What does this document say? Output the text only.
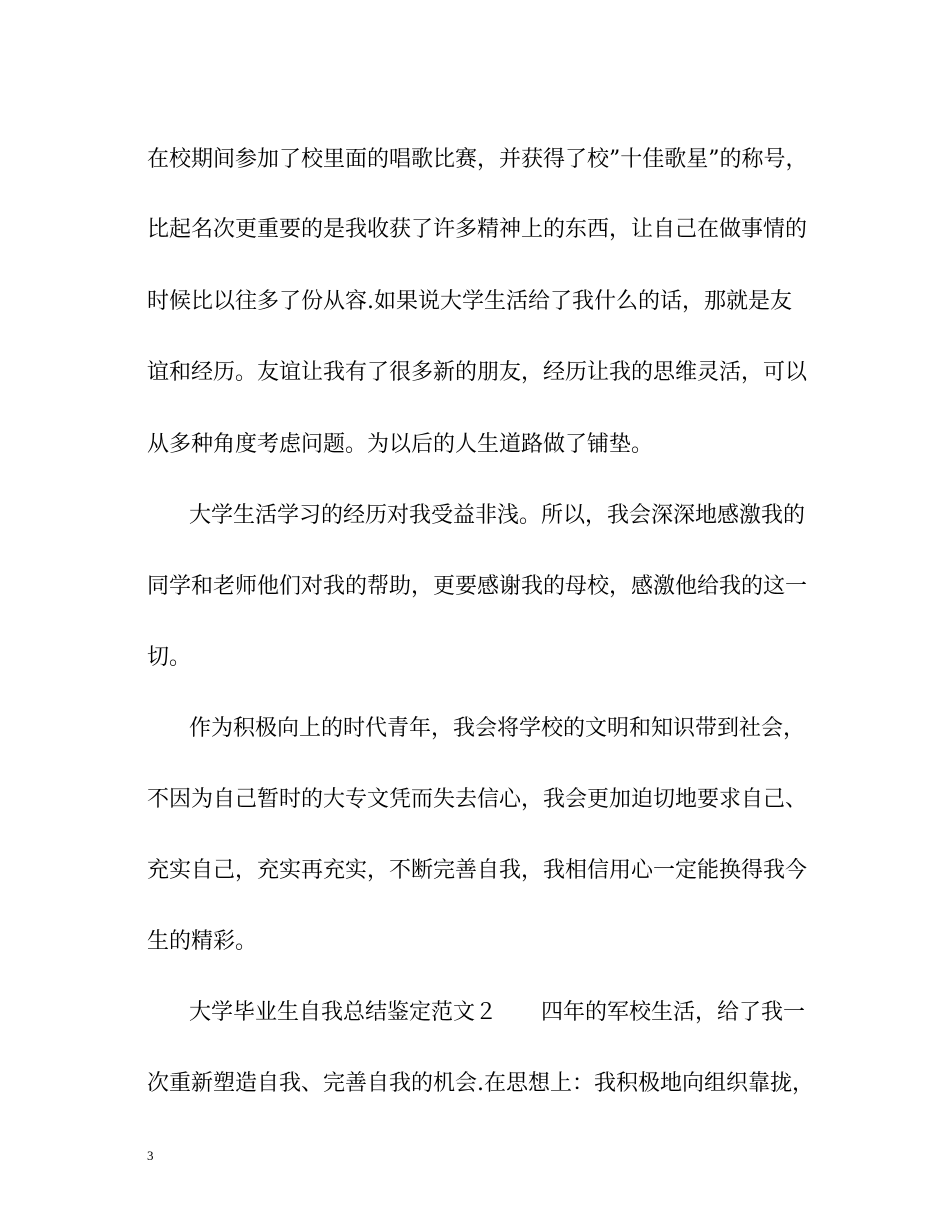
在校期间参加了校里面的唱歌比赛，并获得了校”十佳歌星”的称号，
比起名次更重要的是我收获了许多精神上的东西，让自己在做事情的
时候比以往多了份从容.如果说大学生活给了我什么的话，那就是友
谊和经历。友谊让我有了很多新的朋友，经历让我的思维灵活，可以
从多种角度考虑问题。为以后的人生道路做了铺垫。
大学生活学习的经历对我受益非浅。所以，我会深深地感激我的
同学和老师他们对我的帮助，更要感谢我的母校，感激他给我的这一
切。
作为积极向上的时代青年，我会将学校的文明和知识带到社会，
不因为自己暂时的大专文凭而失去信心，我会更加迫切地要求自己、
充实自己，充实再充实，不断完善自我，我相信用心一定能换得我今
生的精彩。
大学毕业生自我总结鉴定范文２　　四年的军校生活，给了我一
次重新塑造自我、完善自我的机会.在思想上：我积极地向组织靠拢，
3
